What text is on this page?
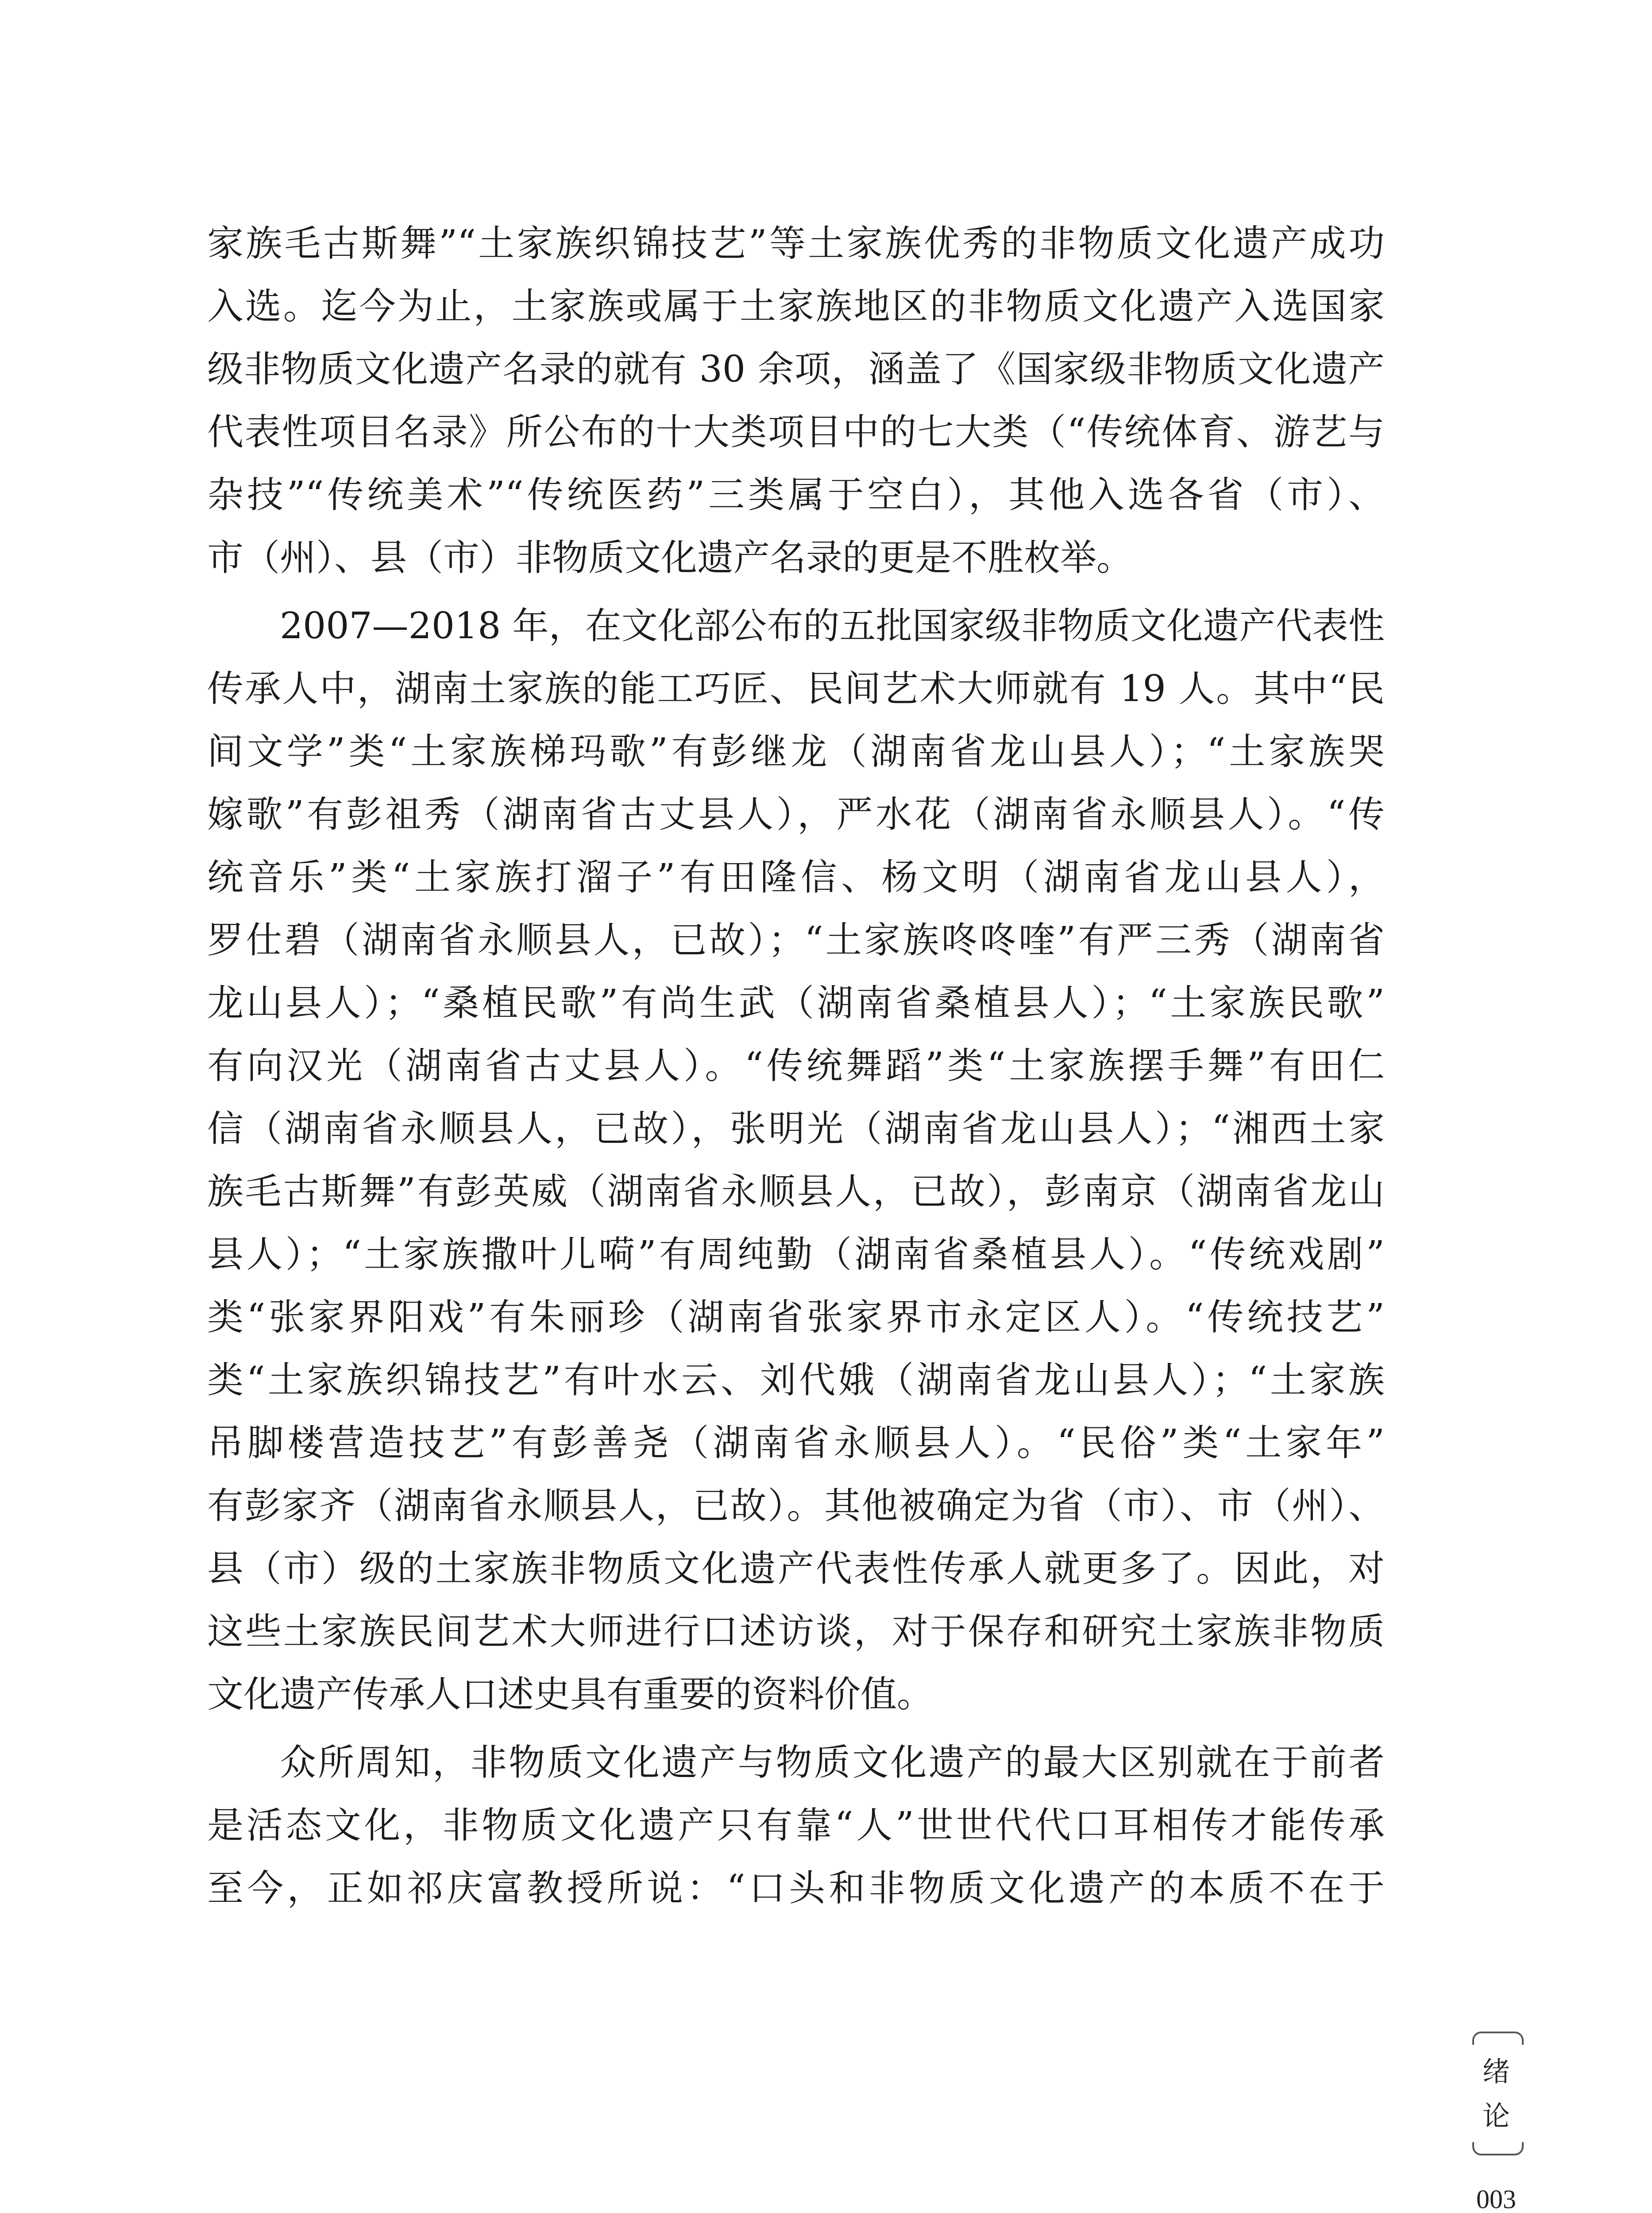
家族毛古斯舞”“土家族织锦技艺”等土家族优秀的非物质文化遗产成功
入选。迄今为止，土家族或属于土家族地区的非物质文化遗产入选国家
级非物质文化遗产名录的就有 30 余项，涵盖了《国家级非物质文化遗产
代表性项目名录》所公布的十大类项目中的七大类（“传统体育、游艺与
杂技”“传统美术”“传统医药”三类属于空白），其他入选各省（市）、
市（州）、县（市）非物质文化遗产名录的更是不胜枚举。
2007—2018 年，在文化部公布的五批国家级非物质文化遗产代表性
传承人中，湖南土家族的能工巧匠、民间艺术大师就有 19 人。其中“民
间文学”类“土家族梯玛歌”有彭继龙（湖南省龙山县人）；“土家族哭
嫁歌”有彭祖秀（湖南省古丈县人），严水花（湖南省永顺县人）。“传
统音乐”类“土家族打溜子”有田隆信、杨文明（湖南省龙山县人），
罗仕碧（湖南省永顺县人，已故）；“土家族咚咚喹”有严三秀（湖南省
龙山县人）；“桑植民歌”有尚生武（湖南省桑植县人）；“土家族民歌”
有向汉光（湖南省古丈县人）。“传统舞蹈”类“土家族摆手舞”有田仁
信（湖南省永顺县人，已故），张明光（湖南省龙山县人）；“湘西土家
族毛古斯舞”有彭英威（湖南省永顺县人，已故），彭南京（湖南省龙山
县人）；“土家族撒叶儿嗬”有周纯勤（湖南省桑植县人）。“传统戏剧”
类“张家界阳戏”有朱丽珍（湖南省张家界市永定区人）。“传统技艺”
类“土家族织锦技艺”有叶水云、刘代娥（湖南省龙山县人）；“土家族
吊脚楼营造技艺”有彭善尧（湖南省永顺县人）。“民俗”类“土家年”
有彭家齐（湖南省永顺县人，已故）。其他被确定为省（市）、市（州）、
县（市）级的土家族非物质文化遗产代表性传承人就更多了。因此，对
这些土家族民间艺术大师进行口述访谈，对于保存和研究土家族非物质
文化遗产传承人口述史具有重要的资料价值。
众所周知，非物质文化遗产与物质文化遗产的最大区别就在于前者
是活态文化，非物质文化遗产只有靠“人”世世代代口耳相传才能传承
至今，正如祁庆富教授所说：“口头和非物质文化遗产的本质不在于
绪
论
003
